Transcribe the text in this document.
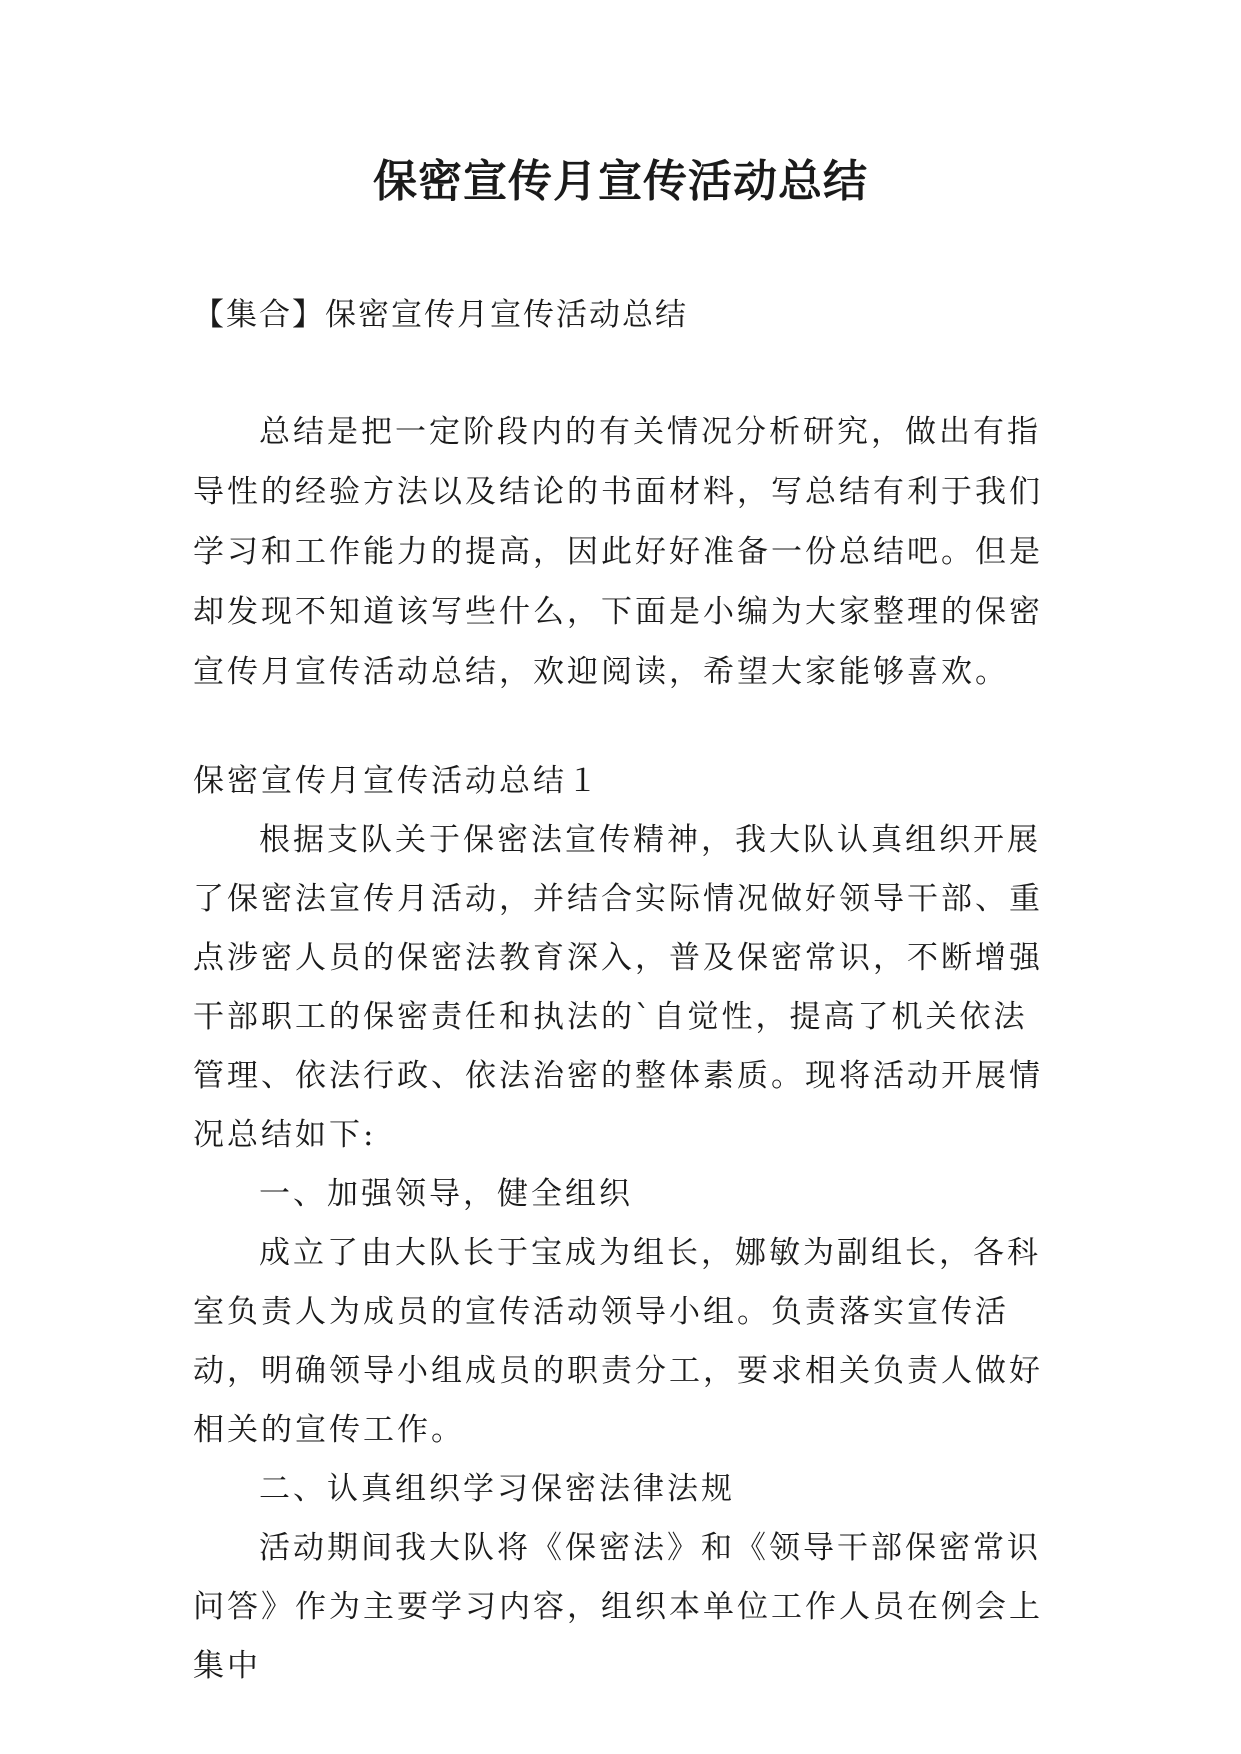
保密宣传月宣传活动总结

【集合】保密宣传月宣传活动总结

总结是把一定阶段内的有关情况分析研究，做出有指导性的经验方法以及结论的书面材料，写总结有利于我们学习和工作能力的提高，因此好好准备一份总结吧。但是却发现不知道该写些什么，下面是小编为大家整理的保密宣传月宣传活动总结，欢迎阅读，希望大家能够喜欢。

保密宣传月宣传活动总结１

根据支队关于保密法宣传精神，我大队认真组织开展了保密法宣传月活动，并结合实际情况做好领导干部、重点涉密人员的保密法教育深入，普及保密常识，不断增强干部职工的保密责任和执法的`自觉性，提高了机关依法管理、依法行政、依法治密的整体素质。现将活动开展情况总结如下:

一、加强领导，健全组织

成立了由大队长于宝成为组长，娜敏为副组长，各科室负责人为成员的宣传活动领导小组。负责落实宣传活动，明确领导小组成员的职责分工，要求相关负责人做好相关的宣传工作。

二、认真组织学习保密法律法规

活动期间我大队将《保密法》和《领导干部保密常识问答》作为主要学习内容，组织本单位工作人员在例会上集中
